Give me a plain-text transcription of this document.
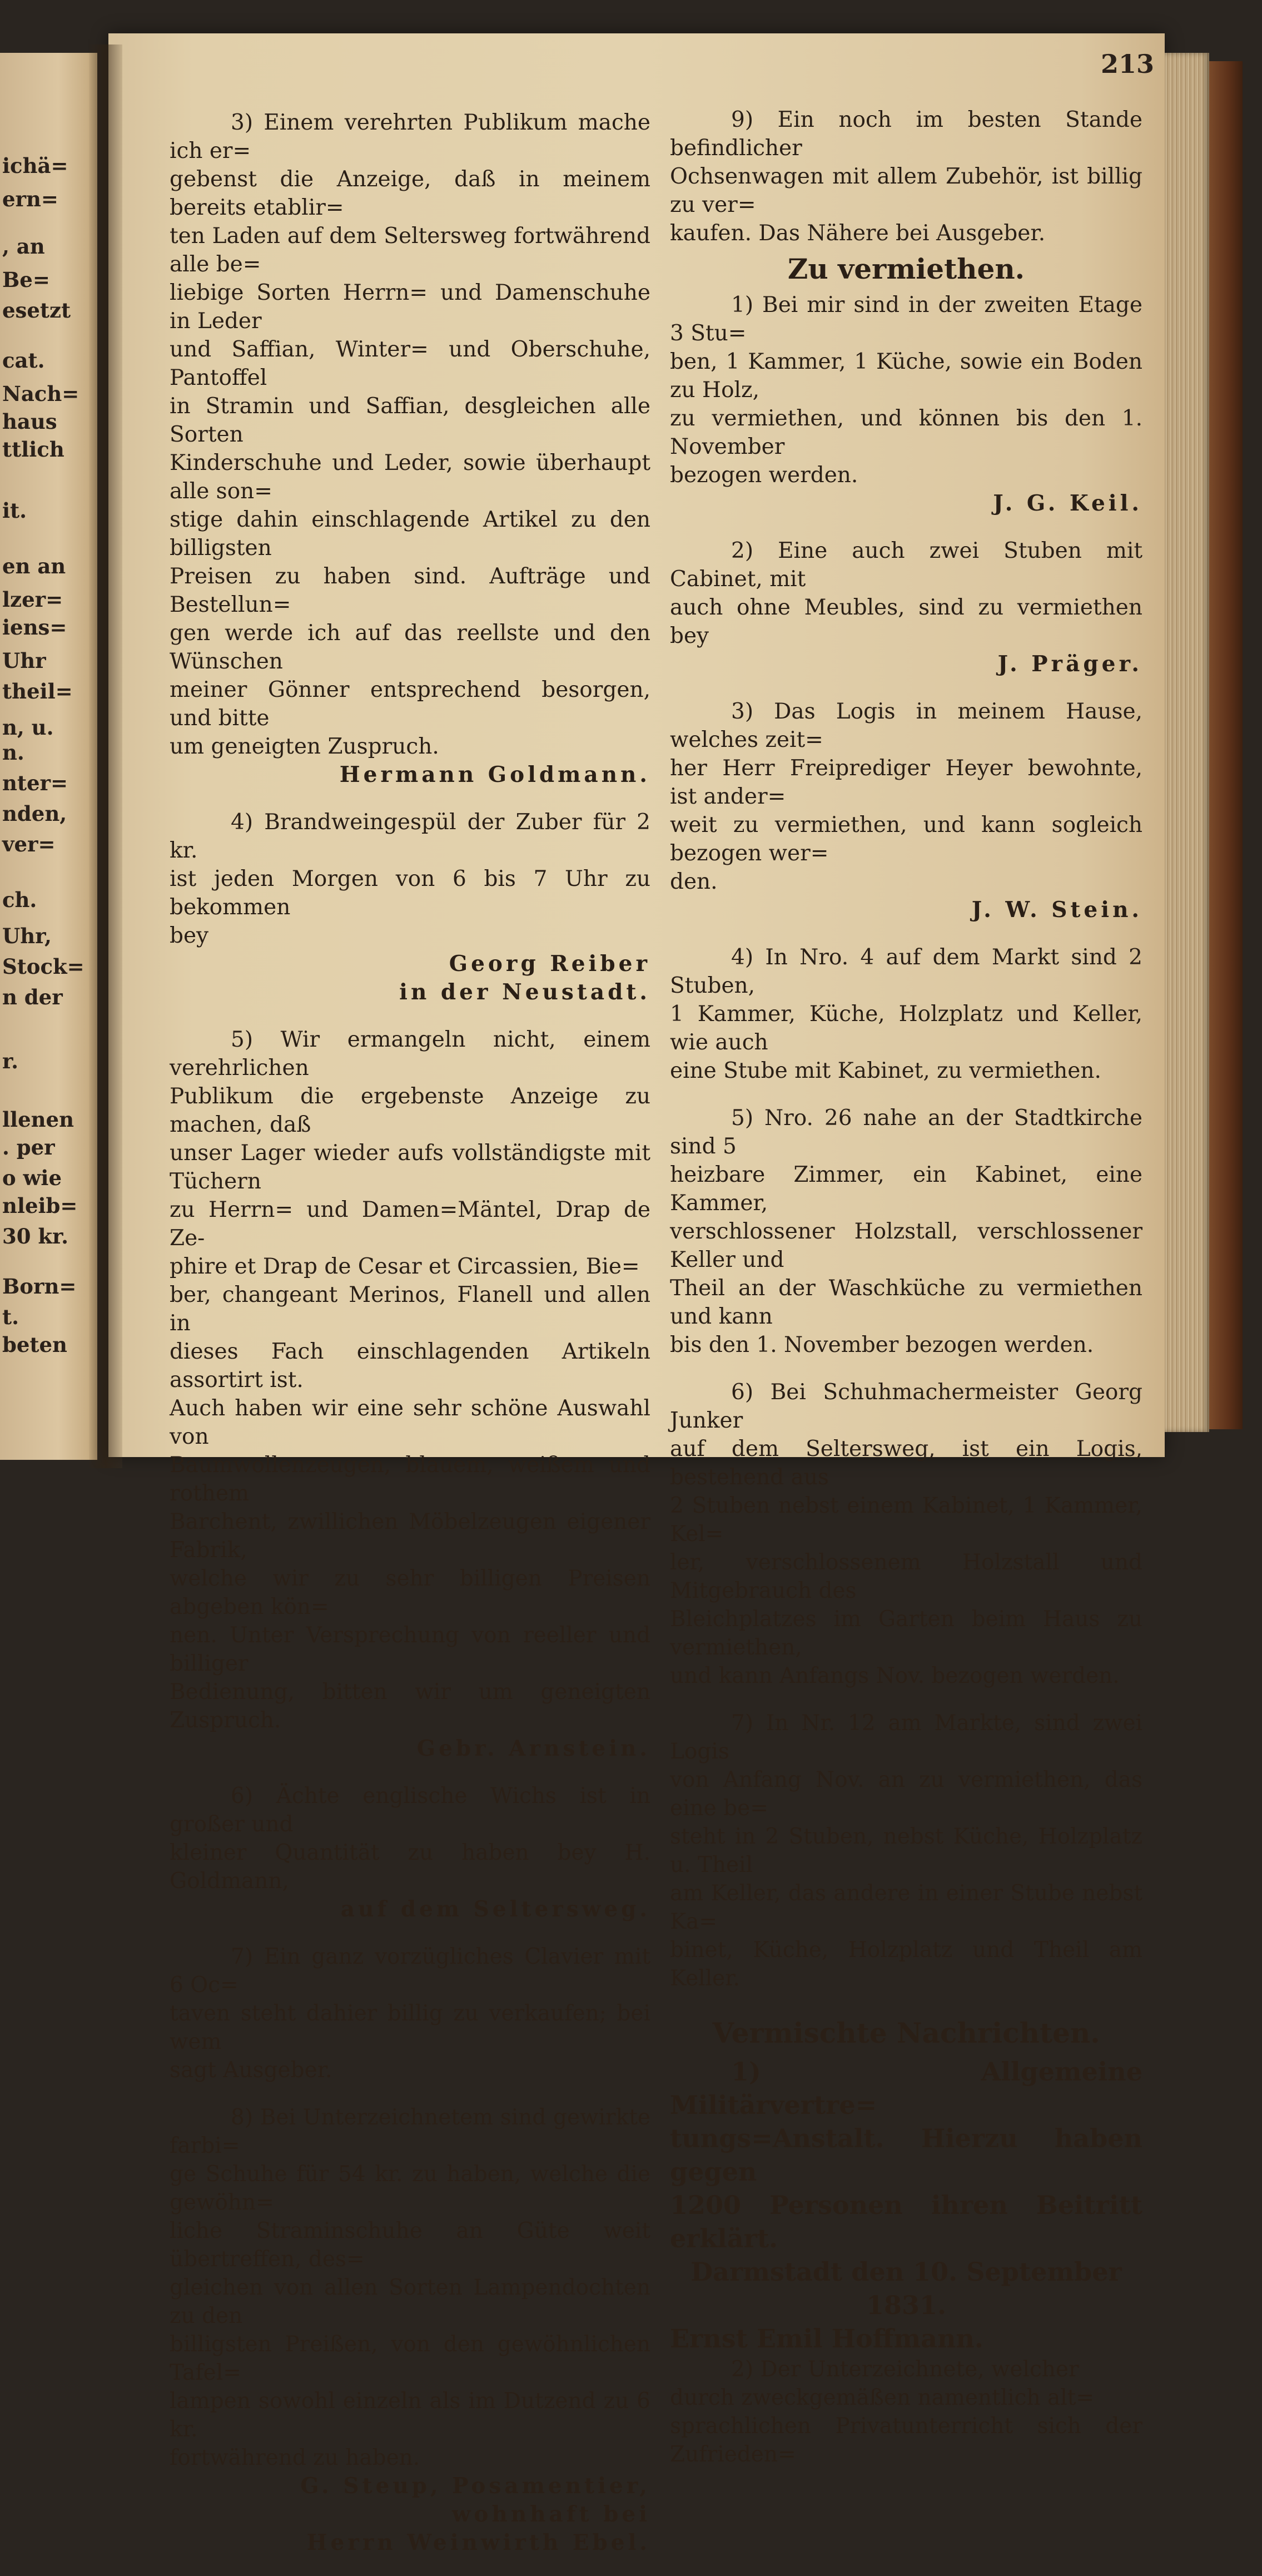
ichä=
ern=
, an
Be=
esetzt
cat.
Nach=
haus
ttlich
it.
en an
lzer=
iens=
Uhr
theil=
n, u.
n.
nter=
nden,
ver=
ch.
Uhr,
Stock=
n der
r.
llenen
. per
o wie
nleib=
30 kr.
Born=
t.
beten
213

3) Einem verehrten Publikum mache ich er=
gebenst die Anzeige, daß in meinem bereits etablir=
ten Laden auf dem Seltersweg fortwährend alle be=
liebige Sorten Herrn= und Damenschuhe in Leder
und Saffian, Winter= und Oberschuhe, Pantoffel
in Stramin und Saffian, desgleichen alle Sorten
Kinderschuhe und Leder, sowie überhaupt alle son=
stige dahin einschlagende Artikel zu den billigsten
Preisen zu haben sind. Aufträge und Bestellun=
gen werde ich auf das reellste und den Wünschen
meiner Gönner entsprechend besorgen, und bitte
um geneigten Zuspruch.

Hermann Goldmann.

4) Brandweingespül der Zuber für 2 kr.
ist jeden Morgen von 6 bis 7 Uhr zu bekommen
bey

Georg Reiber
in der Neustadt.

5) Wir ermangeln nicht, einem verehrlichen
Publikum die ergebenste Anzeige zu machen, daß
unser Lager wieder aufs vollständigste mit Tüchern
zu Herrn= und Damen=Mäntel, Drap de Ze-
phire et Drap de Cesar et Circassien, Bie=
ber, changeant Merinos, Flanell und allen in
dieses Fach einschlagenden Artikeln assortirt ist.
Auch haben wir eine sehr schöne Auswahl von
Baumwollenzeugen, blauem, weißem und rothem
Barchent, zwillichen Möbelzeugen eigener Fabrik,
welche wir zu sehr billigen Preisen abgeben kön=
nen. Unter Versprechung von reeller und billiger
Bedienung, bitten wir um geneigten Zuspruch.

Gebr. Arnstein.

6) Ächte englische Wichs ist in großer und
kleiner Quantität zu haben bey H. Goldmann,

auf dem Seltersweg.

7) Ein ganz vorzügliches Clavier mit 6 Oc=
taven steht dahier billig zu verkaufen; bei wem
sagt Ausgeber.

8) Bei Unterzeichnetem sind gewirkte farbi=
ge Schuhe für 54 kr. zu haben, welche die gewöhn=
liche Straminschuhe an Güte weit übertreffen, des=
gleichen von allen Sorten Lampendochten zu den
billigsten Preißen, von den gewöhnlichen Tafel=
lampen sowohl einzeln als im Dutzend zu 6 kr.
fortwährend zu haben.

G. Steup, Posamentier, wohnhaft bei
Herrn Weinwirth Ebel.

9) Ein noch im besten Stande befindlicher
Ochsenwagen mit allem Zubehör, ist billig zu ver=
kaufen. Das Nähere bei Ausgeber.

Zu vermiethen.

1) Bei mir sind in der zweiten Etage 3 Stu=
ben, 1 Kammer, 1 Küche, sowie ein Boden zu Holz,
zu vermiethen, und können bis den 1. November
bezogen werden.

J. G. Keil.

2) Eine auch zwei Stuben mit Cabinet, mit
auch ohne Meubles, sind zu vermiethen bey

J. Präger.

3) Das Logis in meinem Hause, welches zeit=
her Herr Freiprediger Heyer bewohnte, ist ander=
weit zu vermiethen, und kann sogleich bezogen wer=
den.

J. W. Stein.

4) In Nro. 4 auf dem Markt sind 2 Stuben,
1 Kammer, Küche, Holzplatz und Keller, wie auch
eine Stube mit Kabinet, zu vermiethen.

5) Nro. 26 nahe an der Stadtkirche sind 5
heizbare Zimmer, ein Kabinet, eine Kammer,
verschlossener Holzstall, verschlossener Keller und
Theil an der Waschküche zu vermiethen und kann
bis den 1. November bezogen werden.

6) Bei Schuhmachermeister Georg Junker
auf dem Seltersweg, ist ein Logis, bestehend aus
2 Stuben nebst einem Kabinet, 1 Kammer, Kel=
ler, verschlossenem Holzstall und Mitgebrauch des
Bleichplatzes im Garten beim Haus zu vermiethen,
und kann Anfangs Nov. bezogen werden.

7) In Nr. 12 am Markte, sind zwei Logis
von Anfang Nov. an zu vermiethen, das eine be=
steht in 2 Stuben, nebst Küche, Holzplatz u. Theil
am Keller, das andere in einer Stube nebst Ka=
binet, Küche, Holzplatz und Theil am Keller.

Vermischte Nachrichten.

1)	Allgemeine Militärvertre=
tungs=Anstalt. Hierzu haben gegen
1200 Personen ihren Beitritt erklärt.

Darmstadt den 10. September 1831.

Ernst Emil Hoffmann.

2) Der Unterzeichnete, welcher
durch zweckgemäßen namentlich alt=
sprachlichen Privatunterricht sich der Zufrieden=
